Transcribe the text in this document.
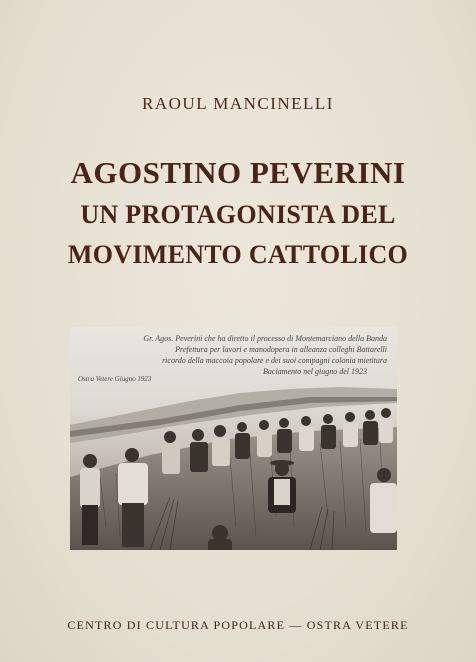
RAOUL MANCINELLI
AGOSTINO PEVERINI
UN PROTAGONISTA DEL
MOVIMENTO CATTOLICO
Gr. Agos. Peverini che ha diretto il processo di Montemarciano della Banda
Prefettura per lavori e manodopera in alleanza colleghi Battarelli
ricordo della maccoia popolare e dei suoi compagni colonia mietitura
Baciamento nel giugno del 1923
Ostra Vetere Giugno 1923
CENTRO DI CULTURA POPOLARE — OSTRA VETERE
